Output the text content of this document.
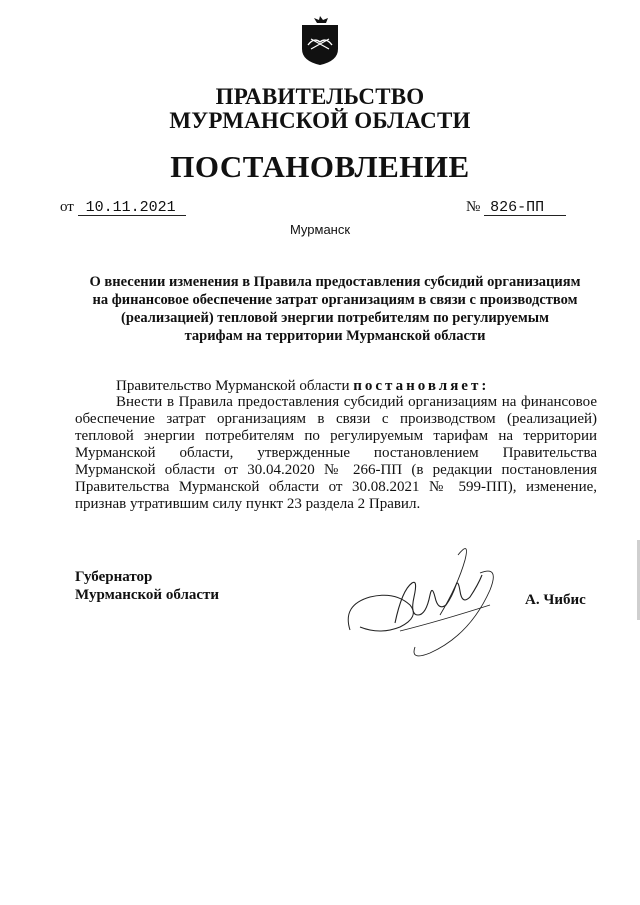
ПРАВИТЕЛЬСТВО
МУРМАНСКОЙ ОБЛАСТИ
ПОСТАНОВЛЕНИЕ
от 10.11.2021	№ 826-ПП
Мурманск
О внесении изменения в Правила предоставления субсидий организациям
на финансовое обеспечение затрат организациям в связи с производством
(реализацией) тепловой энергии потребителям по регулируемым
тарифам на территории Мурманской области
Правительство Мурманской области постановляет:
Внести в Правила предоставления субсидий организациям на финансовое
обеспечение затрат организациям в связи с производством (реализацией)
тепловой энергии потребителям по регулируемым тарифам на территории
Мурманской области, утвержденные постановлением Правительства
Мурманской области от 30.04.2020 № 266-ПП (в редакции постановления
Правительства Мурманской области от 30.08.2021 № 599-ПП), изменение,
признав утратившим силу пункт 23 раздела 2 Правил.
Губернатор
Мурманской области	А. Чибис
